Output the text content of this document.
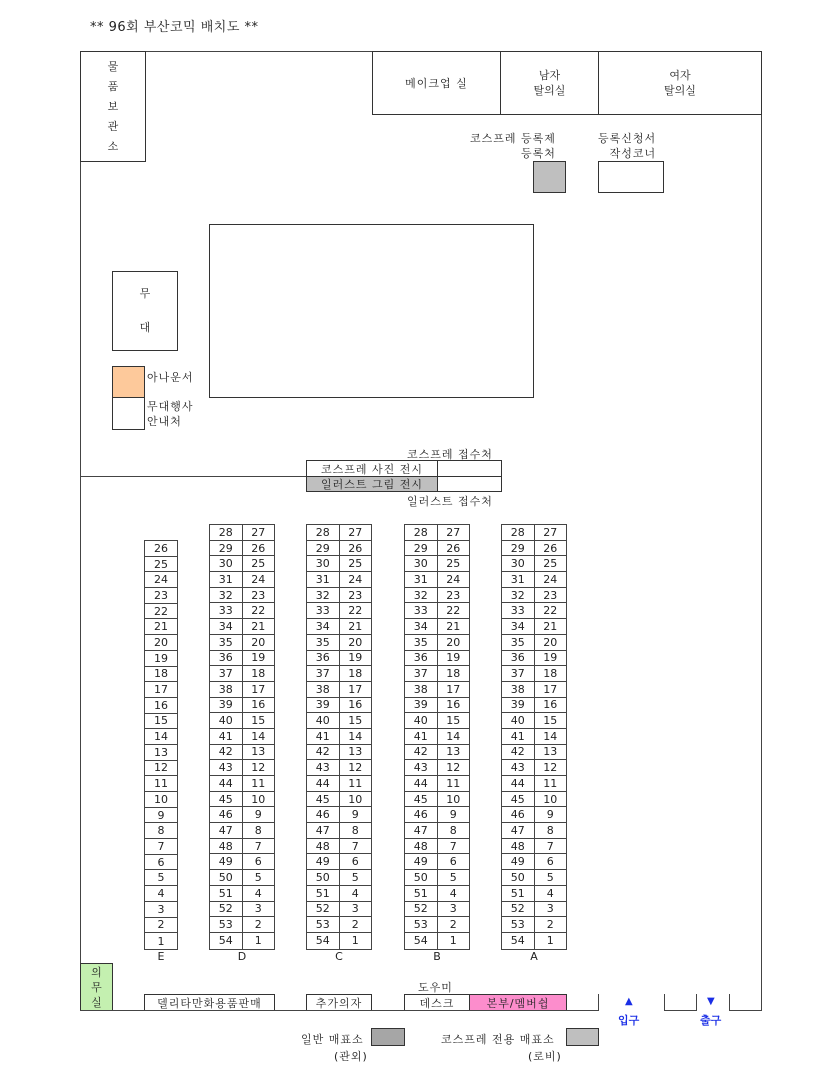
** 96회 부산코믹 배치도 **
물
품
보
관
소
메이크업 실
남자
탈의실
여자
탈의실
코스프레 등록제
등록처
등록신청서
작성코너
무
대
아나운서
무대행사
안내처
코스프레 접수처
코스프레 사진 전시
일러스트 그림 전시
일러스트 접수처
26
25
24
23
22
21
20
19
18
17
16
15
14
13
12
11
10
9
8
7
6
5
4
3
2
1
E
28	27
29	26
30	25
31	24
32	23
33	22
34	21
35	20
36	19
37	18
38	17
39	16
40	15
41	14
42	13
43	12
44	11
45	10
46	9
47	8
48	7
49	6
50	5
51	4
52	3
53	2
54	1
D
28	27
29	26
30	25
31	24
32	23
33	22
34	21
35	20
36	19
37	18
38	17
39	16
40	15
41	14
42	13
43	12
44	11
45	10
46	9
47	8
48	7
49	6
50	5
51	4
52	3
53	2
54	1
C
28	27
29	26
30	25
31	24
32	23
33	22
34	21
35	20
36	19
37	18
38	17
39	16
40	15
41	14
42	13
43	12
44	11
45	10
46	9
47	8
48	7
49	6
50	5
51	4
52	3
53	2
54	1
B
28	27
29	26
30	25
31	24
32	23
33	22
34	21
35	20
36	19
37	18
38	17
39	16
40	15
41	14
42	13
43	12
44	11
45	10
46	9
47	8
48	7
49	6
50	5
51	4
52	3
53	2
54	1
A
의
무
실	델리타만화용품판매	추가의자
도우미
데스크	본부/멤버쉽	▲
입구
▼
출구
일반 매표소
(관외)
코스프레 전용 매표소
(로비)
